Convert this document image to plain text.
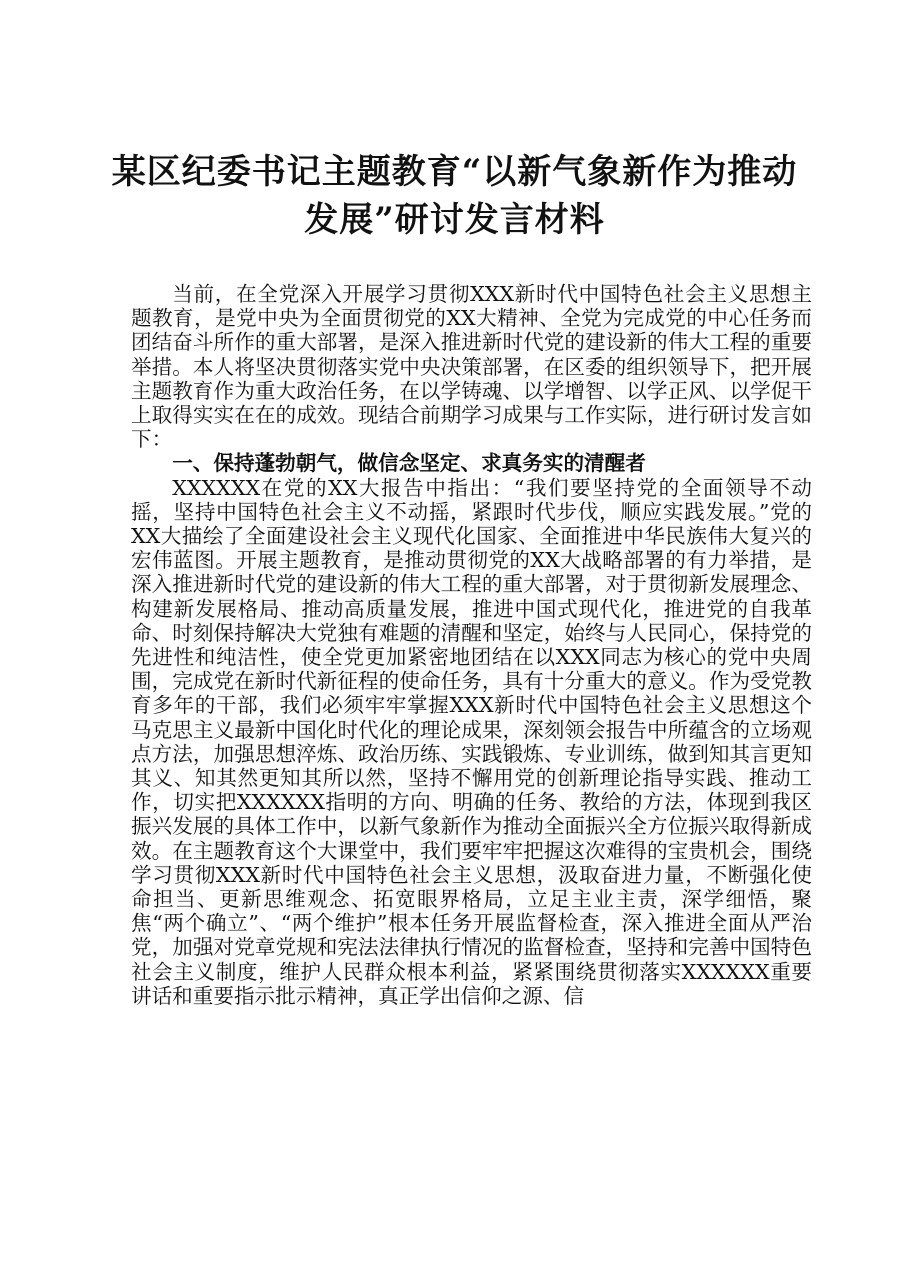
某区纪委书记主题教育“以新气象新作为推动
发展”研讨发言材料

当前，在全党深入开展学习贯彻XXX新时代中国特色社会主义思想主题教育，是党中央为全面贯彻党的XX大精神、全党为完成党的中心任务而团结奋斗所作的重大部署，是深入推进新时代党的建设新的伟大工程的重要举措。本人将坚决贯彻落实党中央决策部署，在区委的组织领导下，把开展主题教育作为重大政治任务，在以学铸魂、以学增智、以学正风、以学促干上取得实实在在的成效。现结合前期学习成果与工作实际，进行研讨发言如下：

一、保持蓬勃朝气，做信念坚定、求真务实的清醒者

XXXXXX在党的XX大报告中指出：“我们要坚持党的全面领导不动摇，坚持中国特色社会主义不动摇，紧跟时代步伐，顺应实践发展。”党的XX大描绘了全面建设社会主义现代化国家、全面推进中华民族伟大复兴的宏伟蓝图。开展主题教育，是推动贯彻党的XX大战略部署的有力举措，是深入推进新时代党的建设新的伟大工程的重大部署，对于贯彻新发展理念、构建新发展格局、推动高质量发展，推进中国式现代化，推进党的自我革命、时刻保持解决大党独有难题的清醒和坚定，始终与人民同心，保持党的先进性和纯洁性，使全党更加紧密地团结在以XXX同志为核心的党中央周围，完成党在新时代新征程的使命任务，具有十分重大的意义。作为受党教育多年的干部，我们必须牢牢掌握XXX新时代中国特色社会主义思想这个马克思主义最新中国化时代化的理论成果，深刻领会报告中所蕴含的立场观点方法，加强思想淬炼、政治历练、实践锻炼、专业训练，做到知其言更知其义、知其然更知其所以然，坚持不懈用党的创新理论指导实践、推动工作，切实把XXXXXX指明的方向、明确的任务、教给的方法，体现到我区振兴发展的具体工作中，以新气象新作为推动全面振兴全方位振兴取得新成效。在主题教育这个大课堂中，我们要牢牢把握这次难得的宝贵机会，围绕学习贯彻XXX新时代中国特色社会主义思想，汲取奋进力量，不断强化使命担当、更新思维观念、拓宽眼界格局，立足主业主责，深学细悟，聚焦“两个确立”、“两个维护”根本任务开展监督检查，深入推进全面从严治党，加强对党章党规和宪法法律执行情况的监督检查，坚持和完善中国特色社会主义制度，维护人民群众根本利益，紧紧围绕贯彻落实XXXXXX重要讲话和重要指示批示精神，真正学出信仰之源、信
